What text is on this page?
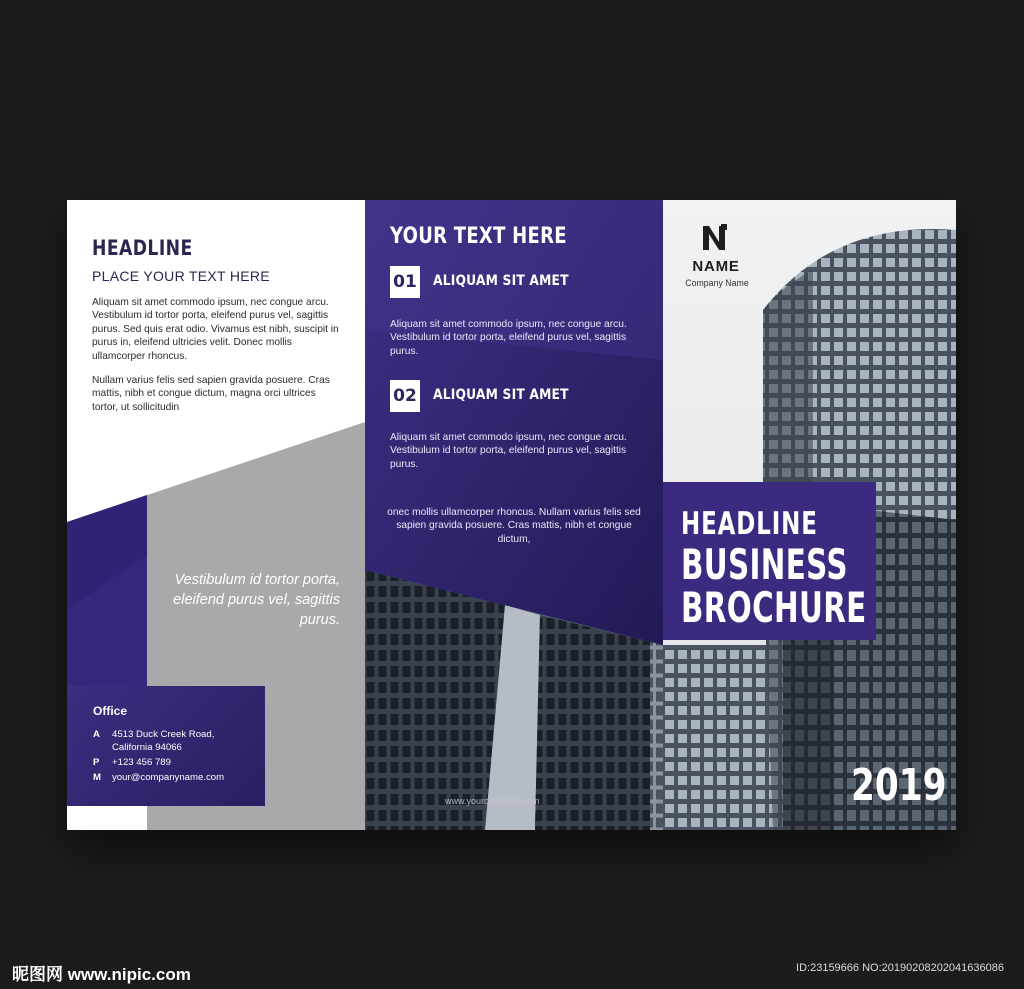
HEADLINE
PLACE YOUR TEXT HERE

Aliquam sit amet commodo ipsum, nec congue arcu. Vestibulum id tortor porta, eleifend purus vel, sagittis purus. Sed quis erat odio. Vivamus est nibh, suscipit in purus in, eleifend ultricies velit. Donec mollis ullamcorper rhoncus.

Nullam varius felis sed sapien gravida posuere. Cras mattis, nibh et congue dictum, magna orci ultrices tortor, ut sollicitudin

Vestibulum id tortor porta, eleifend purus vel, sagittis purus.
Office
A	4513 Duck Creek Road,
California 94066
P	+123 456 789
M	your@companyname.com
YOUR TEXT HERE
01 ALIQUAM SIT AMET
Aliquam sit amet commodo ipsum, nec congue arcu. Vestibulum id tortor porta, eleifend purus vel, sagittis purus.
02 ALIQUAM SIT AMET
Aliquam sit amet commodo ipsum, nec congue arcu. Vestibulum id tortor porta, eleifend purus vel, sagittis purus.
onec mollis ullamcorper rhoncus. Nullam varius felis sed sapien gravida posuere. Cras mattis, nibh et congue dictum,
www.yourcompany.com
NAME
Company Name
HEADLINE
BUSINESS
BROCHURE
2019
昵图网 www.nipic.com	ID:23159666 NO:20190208202041636086
